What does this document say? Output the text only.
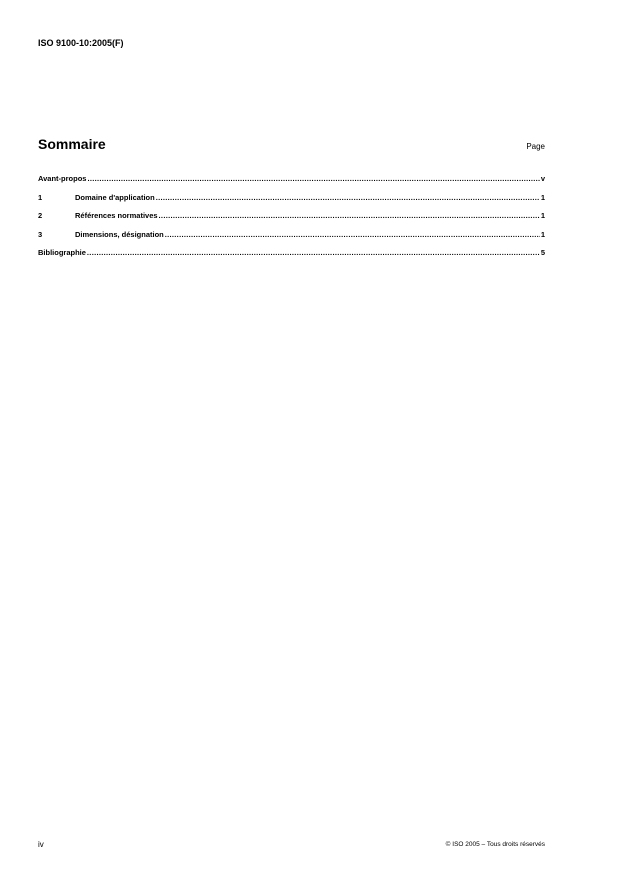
ISO 9100-10:2005(F)
Sommaire	Page
Avant-propos .....	v
1	Domaine d'application .....	1
2	Références normatives .....	1
3	Dimensions, désignation .....	1
Bibliographie .....	5
iv	© ISO 2005 – Tous droits réservés
